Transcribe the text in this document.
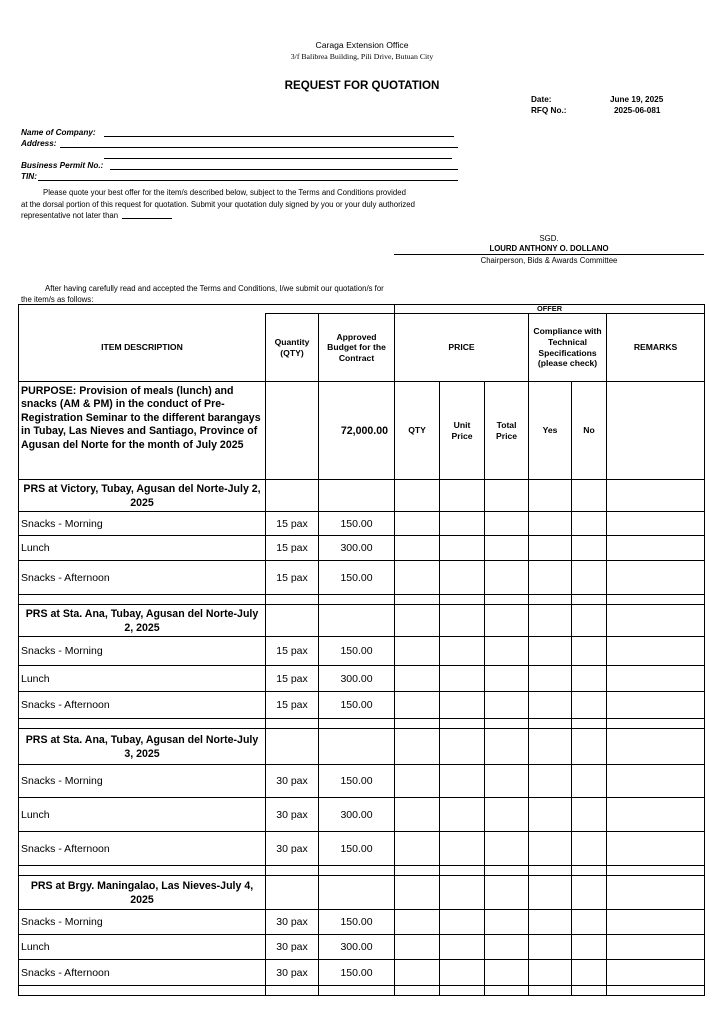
Caraga Extension Office
3/f Balibrea Building, Pili Drive, Butuan City
REQUEST FOR QUOTATION
Date:	June 19, 2025
RFQ No.:	2025-06-081
Name of Company:
Address:
Business Permit No.:
TIN:
Please quote your best offer for the item/s described below, subject to the Terms and Conditions provided
at the dorsal portion of this request for quotation. Submit your quotation duly signed by you or your duly authorized
representative not later than
SGD.
LOURD ANTHONY O. DOLLANO
Chairperson, Bids & Awards Committee
After having carefully read and accepted the Terms and Conditions, I/we submit our quotation/s for
the item/s as follows:
			OFFER					
ITEM DESCRIPTION	Quantity (QTY)	Approved Budget for the Contract	PRICE			Compliance with Technical Specifications (please check)		REMARKS
PURPOSE: Provision of meals (lunch) and snacks (AM & PM) in the conduct of Pre-Registration Seminar to the different barangays in Tubay, Las Nieves and Santiago, Province of Agusan del Norte for the month of July 2025		72,000.00	QTY	Unit Price	Total Price	Yes	No	
PRS at Victory, Tubay, Agusan del Norte-July 2, 2025								
Snacks - Morning	15 pax	150.00						
Lunch	15 pax	300.00						
Snacks - Afternoon	15 pax	150.00						

PRS at Sta. Ana, Tubay, Agusan del Norte-July 2, 2025								
Snacks - Morning	15 pax	150.00						
Lunch	15 pax	300.00						
Snacks - Afternoon	15 pax	150.00						

PRS at Sta. Ana, Tubay, Agusan del Norte-July 3, 2025								
Snacks - Morning	30 pax	150.00						
Lunch	30 pax	300.00						
Snacks - Afternoon	30 pax	150.00						

PRS at Brgy. Maningalao, Las Nieves-July 4, 2025								
Snacks - Morning	30 pax	150.00						
Lunch	30 pax	300.00						
Snacks - Afternoon	30 pax	150.00						
